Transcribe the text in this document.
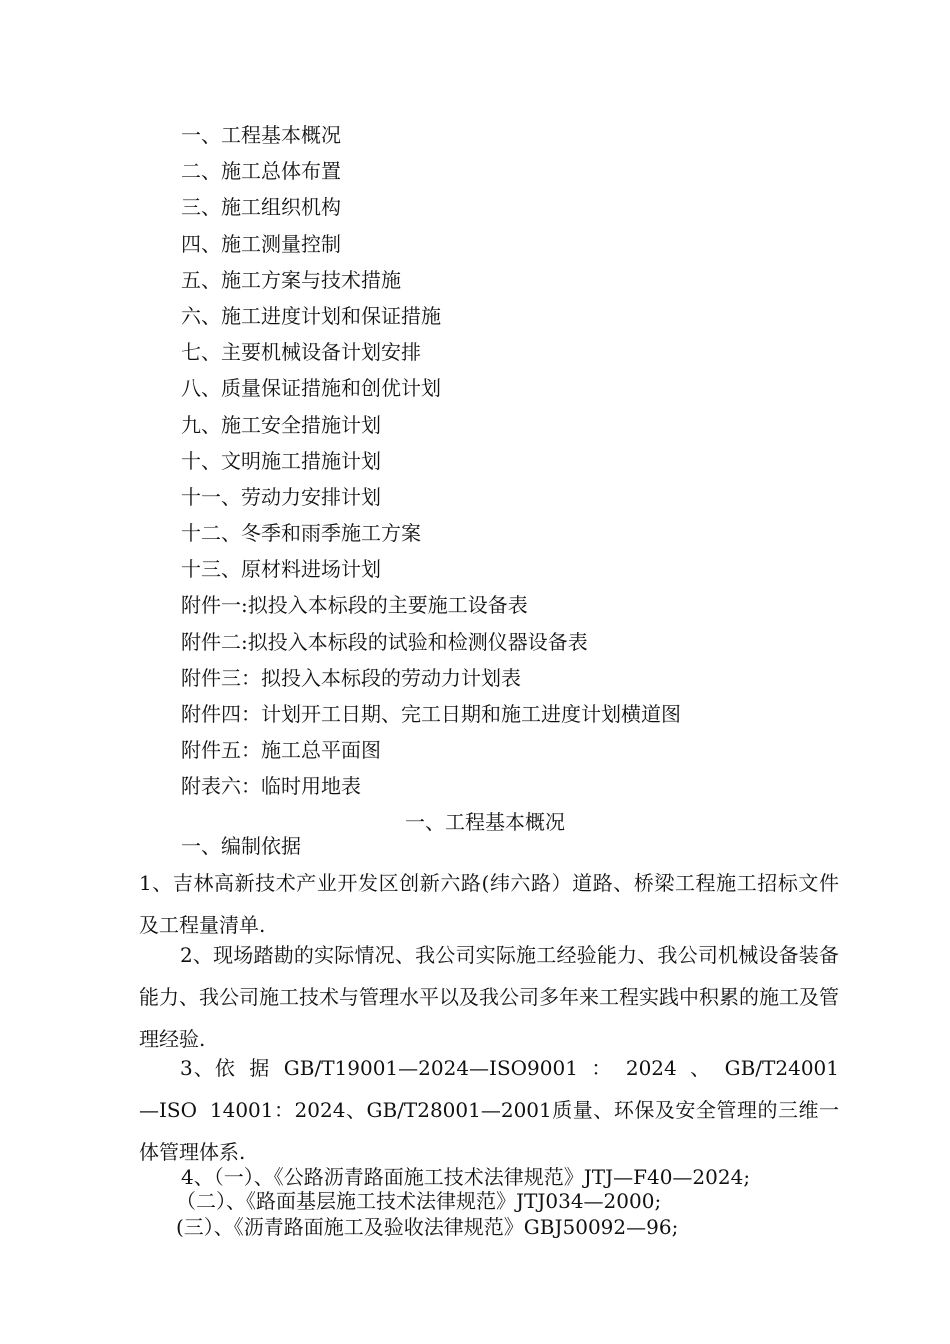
一、工程基本概况
二、施工总体布置
三、施工组织机构
四、施工测量控制
五、施工方案与技术措施
六、施工进度计划和保证措施
七、主要机械设备计划安排
八、质量保证措施和创优计划
九、施工安全措施计划
十、文明施工措施计划
十一、劳动力安排计划
十二、冬季和雨季施工方案
十三、原材料进场计划
附件一:拟投入本标段的主要施工设备表
附件二:拟投入本标段的试验和检测仪器设备表
附件三：拟投入本标段的劳动力计划表
附件四：计划开工日期、完工日期和施工进度计划横道图
附件五：施工总平面图
附表六：临时用地表
一、工程基本概况
一、编制依据

1、吉林高新技术产业开发区创新六路(纬六路）道路、桥梁工程施工招标文件及工程量清单.

2、现场踏勘的实际情况、我公司实际施工经验能力、我公司机械设备装备能力、我公司施工技术与管理水平以及我公司多年来工程实践中积累的施工及管理经验.

3、依 据 GB/T19001—2024—ISO9001 ： 2024 、 GB/T24001—ISO 14001：2024、GB/T28001—2001质量、环保及安全管理的三维一体管理体系.

4、（一）、《公路沥青路面施工技术法律规范》JTJ—F40—2024;
（二）、《路面基层施工技术法律规范》JTJ034—2000;
(三）、《沥青路面施工及验收法律规范》GBJ50092—96;
